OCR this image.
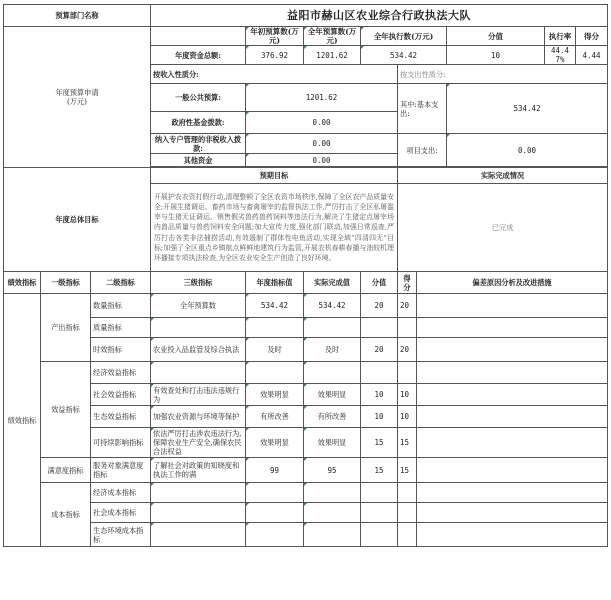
预算部门名称			益阳市赫山区农业综合行政执法大队								
年度预算申请
(万元)				年初预算数(万元)	全年预算数(万元)	全年执行数(万元)			分值	执行率	得分
			年度资金总额:	376.92	1201.62	534.42			10	44.47%	4.44
			按收入性质分:				按支出性质分:				
			一般公共预算:	1201.62			其中:基本支出:		534.42		
			政府性基金拨款:	0.00							
			纳入专户管理的非税收入拨款:	0.00			项目支出:		0.00		
			其他资金	0.00							

年度总体目标			预期目标				实际完成情况				
			开展护农农资打假行动,清理整顿了全区农资市场秩序,保障了全区农产品质量安全;开展生猪调运、畜药市场与畜禽屠宰的监督执法工作,严厉打击了全区私屠滥宰与生猪无证调运、销售假劣兽药兽药饲料等违法行为,解决了生猪定点屠宰场内兽品质量与兽药饲料安全问题;加大宣传力度,强化部门联动,加强日常巡查,严厉打击各类非法捕捞活动,有效遏制了群体性电鱼活动,实现全域“四清四无”目标;加强了全区重点乡镇航点鲜鲜地建筑行为监管,开展农机春耕春播与油较机理环播接专项执法检查,为全区农业安全生产创造了良好环境。				已完成				
绩效指标	一级指标	二级指标	三级指标	年度指标值	实际完成值	分值	得分	偏差原因分析及改进措施			
绩效指标	产出指标	数量指标	全年预算数	534.42	534.42	20	20				
		质量指标									
		时效指标	农业投入品监管及综合执法	及时	及时	20	20				
	效益指标	经济效益指标									
		社会效益指标	有效查处和打击违法违规行为	效果明显	效果明显	10	10				
		生态效益指标	加强农业资源与环境等保护	有所改善	有所改善	10	10				
		可持续影响指标	依法严厉打击涉农违法行为,保障农业生产安全,确保农民合法权益	效果明显	效果明显	15	15				
	满意度指标	服务对象满意度指标	了解社会对政策的知晓度和执法工作的满	99	95	15	15				
	成本指标	经济成本指标									
		社会成本指标									
		生态环境成本指标									
